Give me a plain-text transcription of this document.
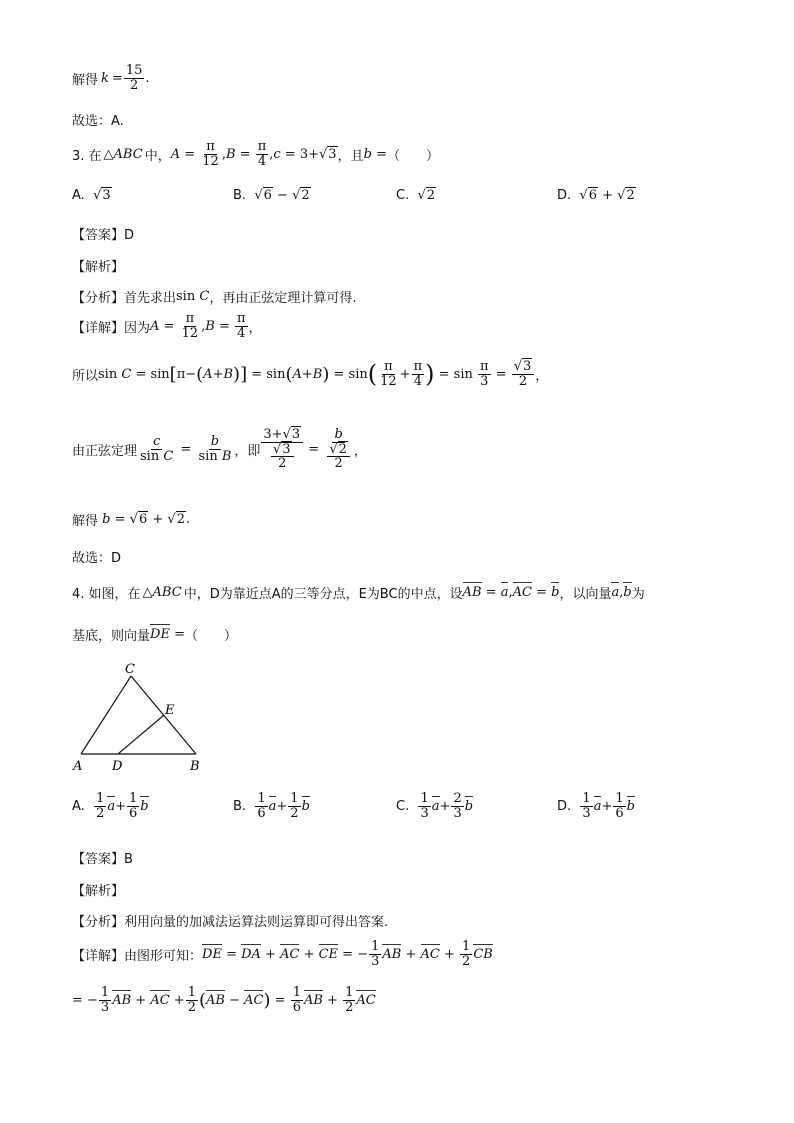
解得 $k = \frac{15}{2}$ .
故选：A.
3. 在 △ABC 中， $A = \frac{\pi}{12}$ , $B = \frac{\pi}{4}$ , c = 3+ √3 ，且 b = （　　）
A.
√3	B.
√6 − √2	C.
√2	D.
√6 + √2
【答案】D
【解析】
【分析】首先求出 sin C ，再由正弦定理计算可得.
【详解】因为 $A = \frac{\pi}{12}$ , $B = \frac{\pi}{4}$ ，
所以 sin C = sin [ π− ( A + B ) ] = sin ( A + B ) = sin ( $\frac{\pi}{12} + \frac{\pi}{4}$ ) = $\sin \frac{\pi}{3} = \frac{√3}{2}$ ，
由正弦定理 $\frac{c}{\text{sin C}} = \frac{b}{\text{sin B}}$ ，即 $\frac{3+√3}{\frac{√3}{2}} = \frac{b}{\frac{√2}{2}}$ ，
解得 b = √6 + √2 .
故选：D
4. 如图，在 △ABC 中，D为靠近点A的三等分点，E为BC的中点，设 AB = a , AC = b ，以向量 a , b 为
基底，则向量 DE = （　　）
C
E
A D	B
A.
$\frac{1}{2}$ $a + \frac{1}{6}$ b	B.
$\frac{1}{6}$ $a + \frac{1}{2}$ b	C.
$\frac{1}{3}$ $a + \frac{2}{3}$ b	D.
$\frac{1}{3}$ $a + \frac{1}{6}$ b
【答案】B
【解析】
【分析】利用向量的加减法运算法则运算即可得出答案.
【详解】由图形可知： DE = DA + AC + CE = − $\frac{1}{3}$ AB + AC + $\frac{1}{2}$ CB
= − $\frac{1}{3}$ AB + AC + $\frac{1}{2}$ ( AB − AC ) = $\frac{1}{6}$ AB + $\frac{1}{2}$ AC
